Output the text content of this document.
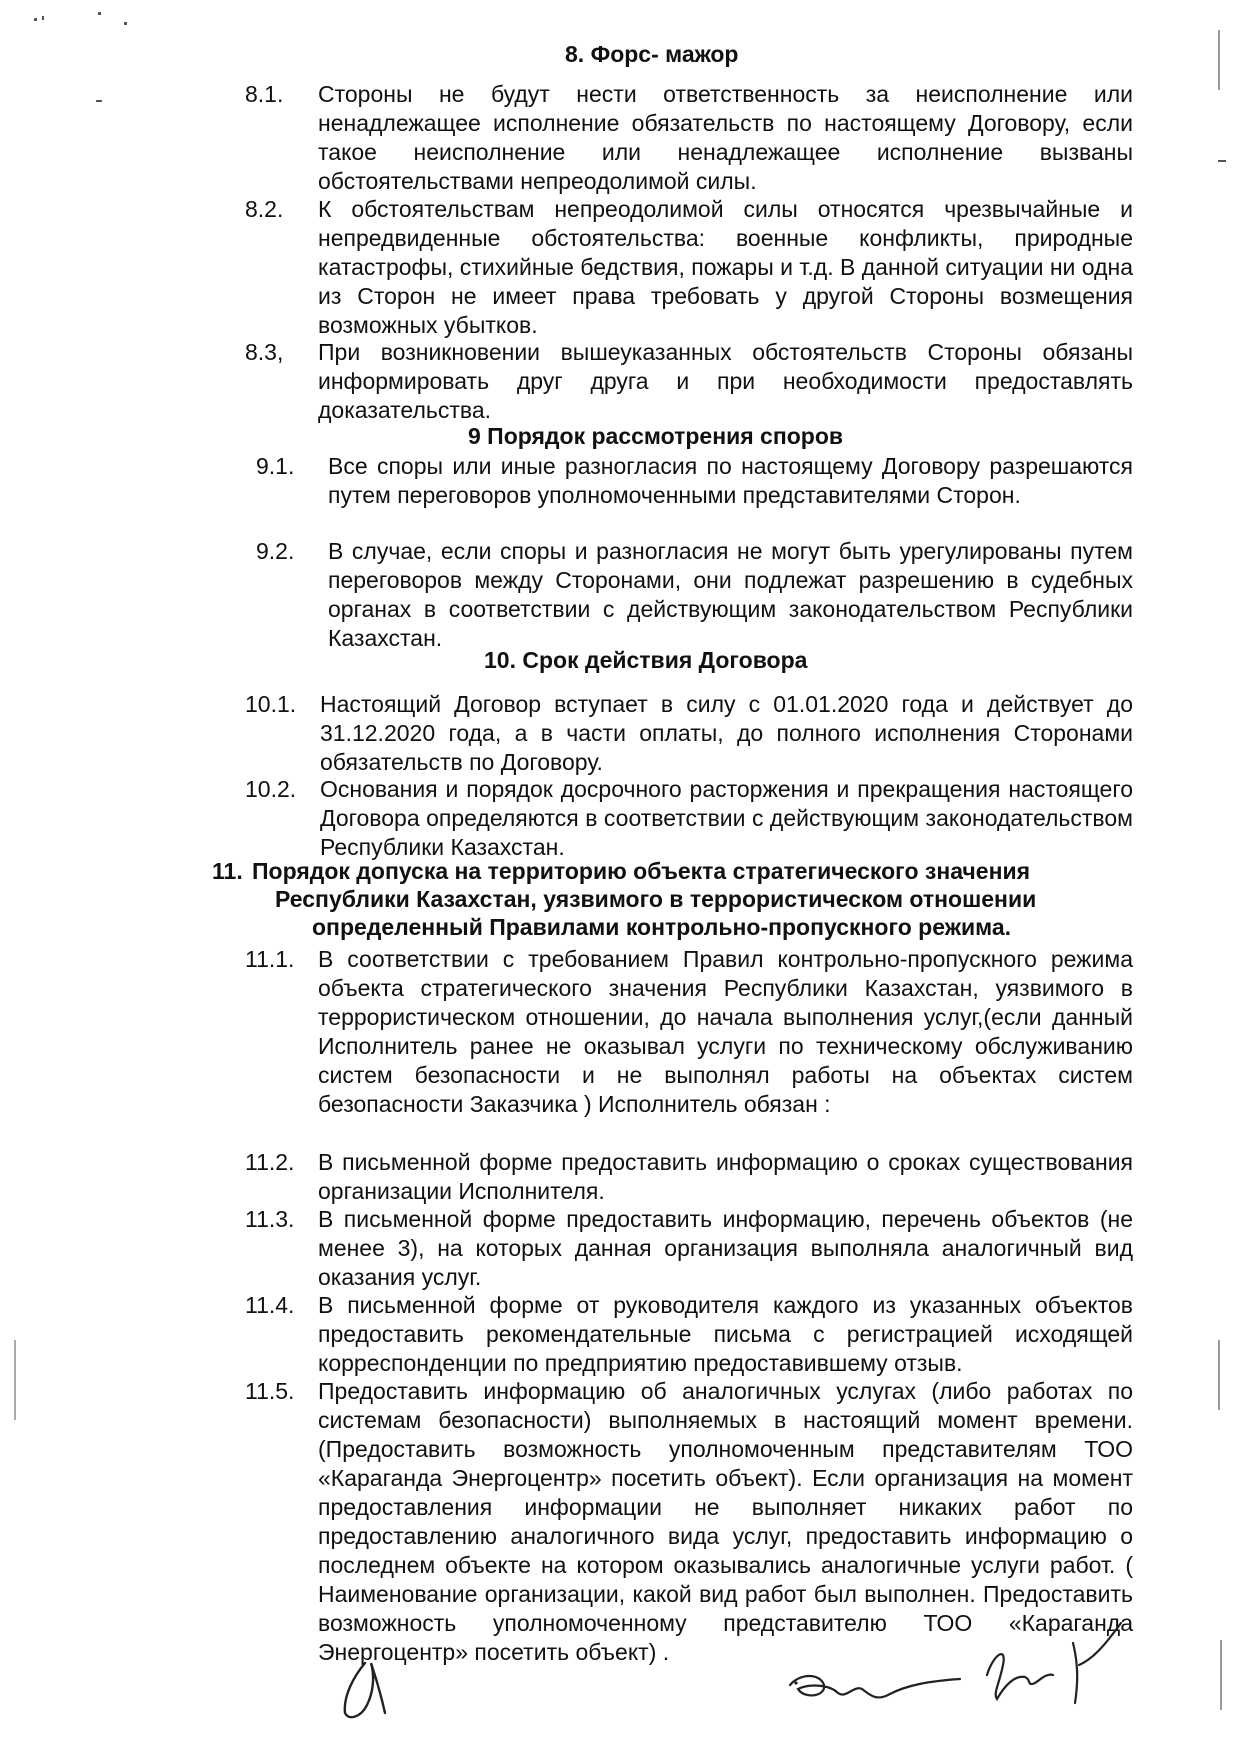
8. Форс- мажор
8.1. Стороны не будут нести ответственность за неисполнение или ненадлежащее исполнение обязательств по настоящему Договору, если такое неисполнение или ненадлежащее исполнение вызваны обстоятельствами непреодолимой силы.
8.2. К обстоятельствам непреодолимой силы относятся чрезвычайные и непредвиденные обстоятельства: военные конфликты, природные катастрофы, стихийные бедствия, пожары и т.д. В данной ситуации ни одна из Сторон не имеет права требовать у другой Стороны возмещения возможных убытков.
8.3, При возникновении вышеуказанных обстоятельств Стороны обязаны информировать друг друга и при необходимости предоставлять доказательства.
9 Порядок рассмотрения споров
9.1. Все споры или иные разногласия по настоящему Договору разрешаются путем переговоров уполномоченными представителями Сторон.
9.2. В случае, если споры и разногласия не могут быть урегулированы путем переговоров между Сторонами, они подлежат разрешению в судебных органах в соответствии с действующим законодательством Республики Казахстан.
10. Срок действия Договора
10.1. Настоящий Договор вступает в силу с 01.01.2020 года и действует до 31.12.2020 года, а в части оплаты, до полного исполнения Сторонами обязательств по Договору.
10.2. Основания и порядок досрочного расторжения и прекращения настоящего Договора определяются в соответствии с действующим законодательством Республики Казахстан.
11. Порядок допуска на территорию объекта стратегического значения
Республики Казахстан, уязвимого в террористическом отношении
определенный Правилами контрольно-пропускного режима.
11.1. В соответствии с требованием Правил контрольно-пропускного режима объекта стратегического значения Республики Казахстан, уязвимого в террористическом отношении, до начала выполнения услуг,(если данный Исполнитель ранее не оказывал услуги по техническому обслуживанию систем безопасности и не выполнял работы на объектах систем безопасности Заказчика ) Исполнитель обязан :
11.2. В письменной форме предоставить информацию о сроках существования организации Исполнителя.
11.3. В письменной форме предоставить информацию, перечень объектов (не менее 3), на которых данная организация выполняла аналогичный вид оказания услуг.
11.4. В письменной форме от руководителя каждого из указанных объектов предоставить рекомендательные письма с регистрацией исходящей корреспонденции по предприятию предоставившему отзыв.
11.5. Предоставить информацию об аналогичных услугах (либо работах по системам безопасности) выполняемых в настоящий момент времени. (Предоставить возможность уполномоченным представителям ТОО «Караганда Энергоцентр» посетить объект). Если организация на момент предоставления информации не выполняет никаких работ по предоставлению аналогичного вида услуг, предоставить информацию о последнем объекте на котором оказывались аналогичные услуги работ. ( Наименование организации, какой вид работ был выполнен. Предоставить возможность уполномоченному представителю ТОО «Караганда Энергоцентр» посетить объект) .
